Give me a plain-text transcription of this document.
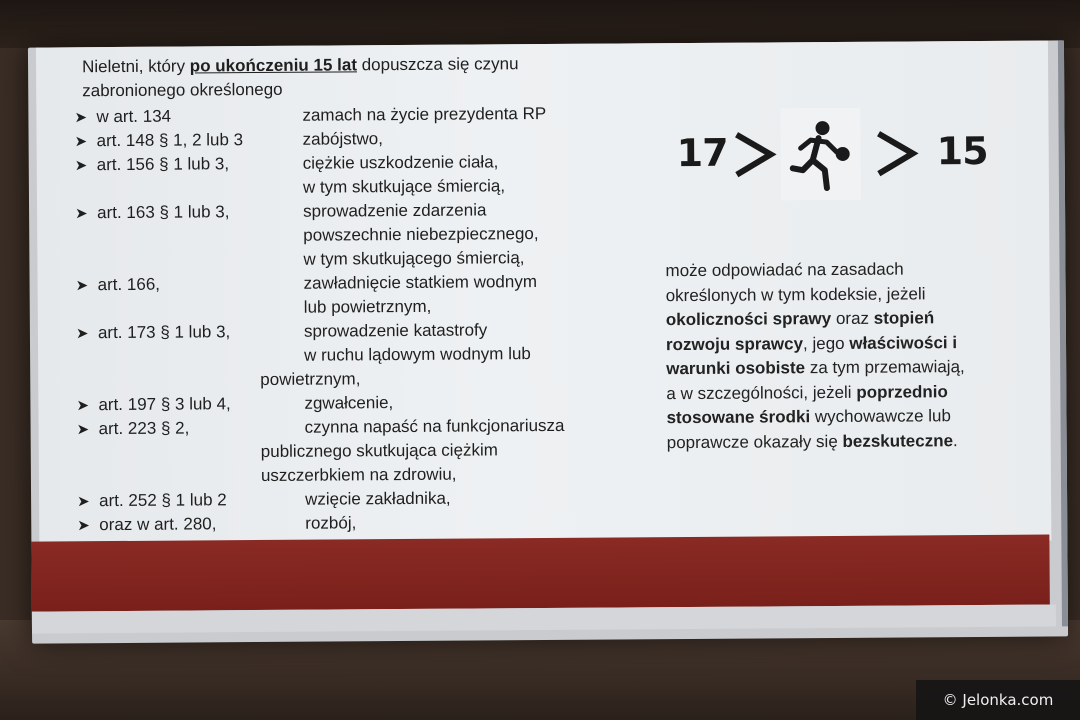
Nieletni, który po ukończeniu 15 lat dopuszcza się czynu
zabronionego określonego
➤ w art. 134	zamach na życie prezydenta RP
➤ art. 148 § 1, 2 lub 3	zabójstwo,
➤ art. 156 § 1 lub 3,	ciężkie uszkodzenie ciała,
w tym skutkujące śmiercią,
➤ art. 163 § 1 lub 3,	sprowadzenie zdarzenia
powszechnie niebezpiecznego,
w tym skutkującego śmiercią,
➤ art. 166,	zawładnięcie statkiem wodnym
lub powietrznym,
➤ art. 173 § 1 lub 3,	sprowadzenie katastrofy
w ruchu lądowym wodnym lub
powietrznym,
➤ art. 197 § 3 lub 4,	zgwałcenie,
➤ art. 223 § 2,	czynna napaść na funkcjonariusza
publicznego skutkująca ciężkim
uszczerbkiem na zdrowiu,
➤ art. 252 § 1 lub 2	wzięcie zakładnika,
➤ oraz w art. 280,	rozbój,
17	15
może odpowiadać na zasadach
określonych w tym kodeksie, jeżeli
okoliczności sprawy oraz stopień
rozwoju sprawcy, jego właściwości i
warunki osobiste za tym przemawiają,
a w szczególności, jeżeli poprzednio
stosowane środki wychowawcze lub
poprawcze okazały się bezskuteczne.
© Jelonka.com
